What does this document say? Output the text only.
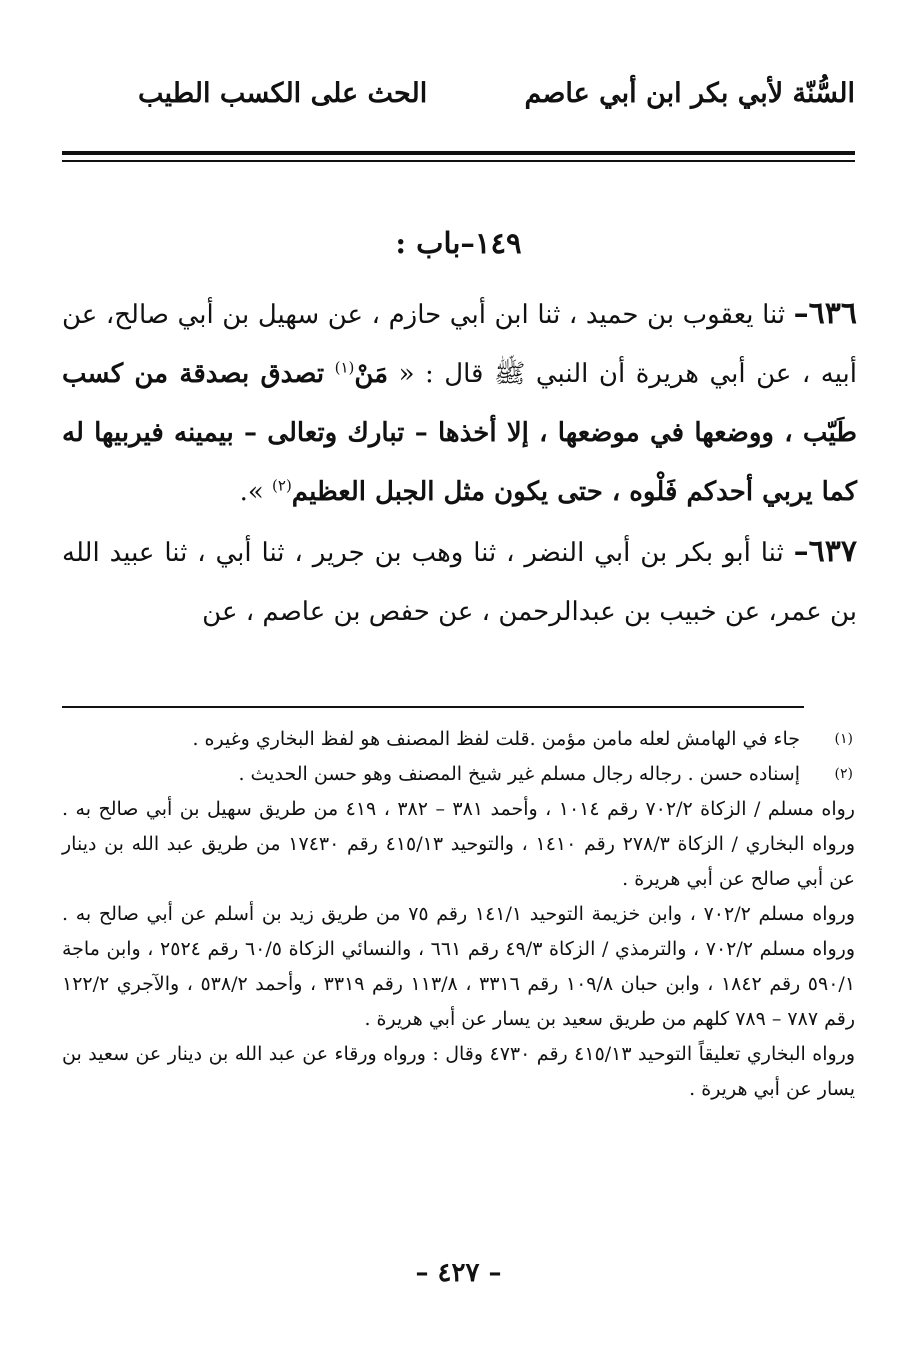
السُّنّة لأبي بكر ابن أبي عاصم
الحث على الكسب الطيب
١٤٩–باب :

٦٣٦– ثنا يعقوب بن حميد ، ثنا ابن أبي حازم ، عن سهيل بن أبي صالح، عن أبيه ، عن أبي هريرة أن النبي ﷺ قال : « مَنْ$^{(١)}$ تصدق بصدقة من كسب طَيّب ، ووضعها في موضعها ، إلا أخذها – تبارك وتعالى – بيمينه فيربيها له كما يربي أحدكم فَلْوه ، حتى يكون مثل الجبل العظيم$^{(٢)}$ ».

٦٣٧– ثنا أبو بكر بن أبي النضر ، ثنا وهب بن جرير ، ثنا أبي ، ثنا عبيد الله بن عمر، عن خبيب بن عبدالرحمن ، عن حفص بن عاصم ، عن

(١)
جاء في الهامش لعله مامن مؤمن .قلت لفظ المصنف هو لفظ البخاري وغيره .

(٢)
إسناده حسن . رجاله رجال مسلم غير شيخ المصنف وهو حسن الحديث .

رواه مسلم / الزكاة ٧٠٢/٢ رقم ١٠١٤ ، وأحمد ٣٨١ – ٣٨٢ ، ٤١٩ من طريق سهيل بن أبي صالح به . ورواه البخاري / الزكاة ٢٧٨/٣ رقم ١٤١٠ ، والتوحيد ٤١٥/١٣ رقم ١٧٤٣٠ من طريق عبد الله بن دينار عن أبي صالح عن أبي هريرة .

ورواه مسلم ٧٠٢/٢ ، وابن خزيمة التوحيد ١٤١/١ رقم ٧٥ من طريق زيد بن أسلم عن أبي صالح به . ورواه مسلم ٧٠٢/٢ ، والترمذي / الزكاة ٤٩/٣ رقم ٦٦١ ، والنسائي الزكاة ٦٠/٥ رقم ٢٥٢٤ ، وابن ماجة ٥٩٠/١ رقم ١٨٤٢ ، وابن حبان ١٠٩/٨ رقم ٣٣١٦ ، ١١٣/٨ رقم ٣٣١٩ ، وأحمد ٥٣٨/٢ ، والآجري ١٢٢/٢ رقم ٧٨٧ – ٧٨٩ كلهم من طريق سعيد بن يسار عن أبي هريرة .

ورواه البخاري تعليقاً التوحيد ٤١٥/١٣ رقم ٤٧٣٠ وقال : ورواه ورقاء عن عبد الله بن دينار عن سعيد بن يسار عن أبي هريرة .

– ٤٢٧ –
